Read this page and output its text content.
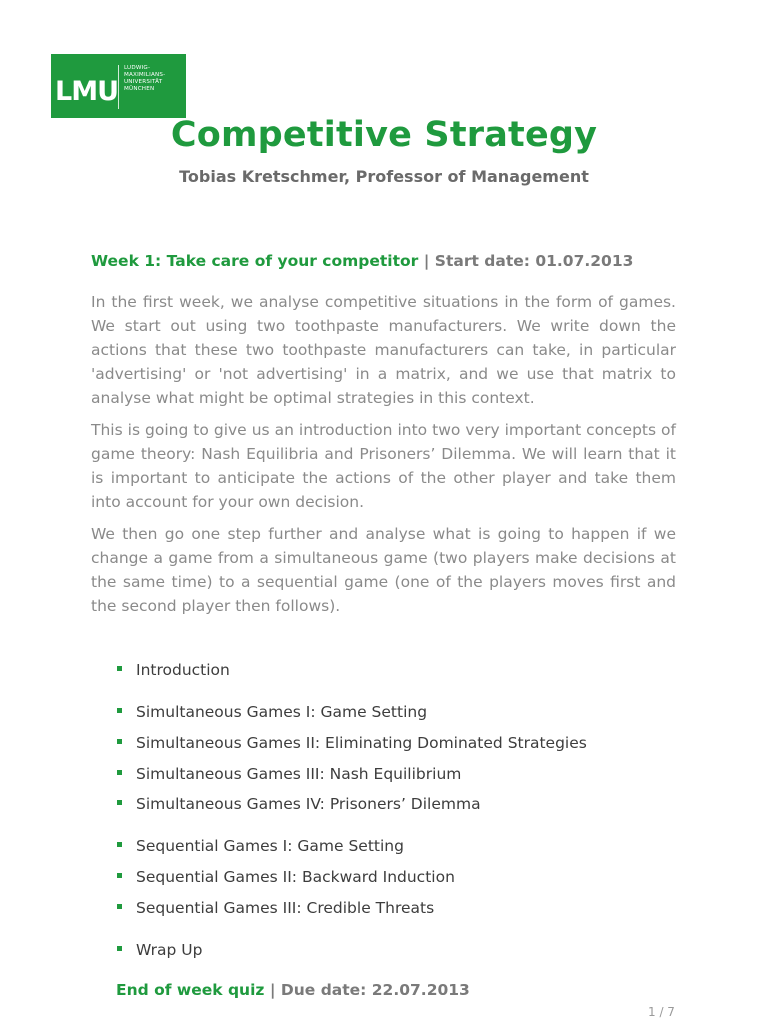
LMU
LUDWIG-
MAXIMILIANS-
UNIVERSITÄT
MÜNCHEN
Competitive Strategy

Tobias Kretschmer, Professor of Management

Week 1: Take care of your competitor | Start date: 01.07.2013

In the first week, we analyse competitive situations in the form of games. We start out using two toothpaste manufacturers. We write down the actions that these two toothpaste manufacturers can take, in particular 'advertising' or 'not advertising' in a matrix, and we use that matrix to analyse what might be optimal strategies in this context.

This is going to give us an introduction into two very important concepts of game theory: Nash Equilibria and Prisoners’ Dilemma. We will learn that it is important to anticipate the actions of the other player and take them into account for your own decision.

We then go one step further and analyse what is going to happen if we change a game from a simultaneous game (two players make decisions at the same time) to a sequential game (one of the players moves first and the second player then follows).

Introduction
Simultaneous Games I: Game Setting
Simultaneous Games II: Eliminating Dominated Strategies
Simultaneous Games III: Nash Equilibrium
Simultaneous Games IV: Prisoners’ Dilemma
Sequential Games I: Game Setting
Sequential Games II: Backward Induction
Sequential Games III: Credible Threats
Wrap Up
End of week quiz | Due date: 22.07.2013
1 / 7
